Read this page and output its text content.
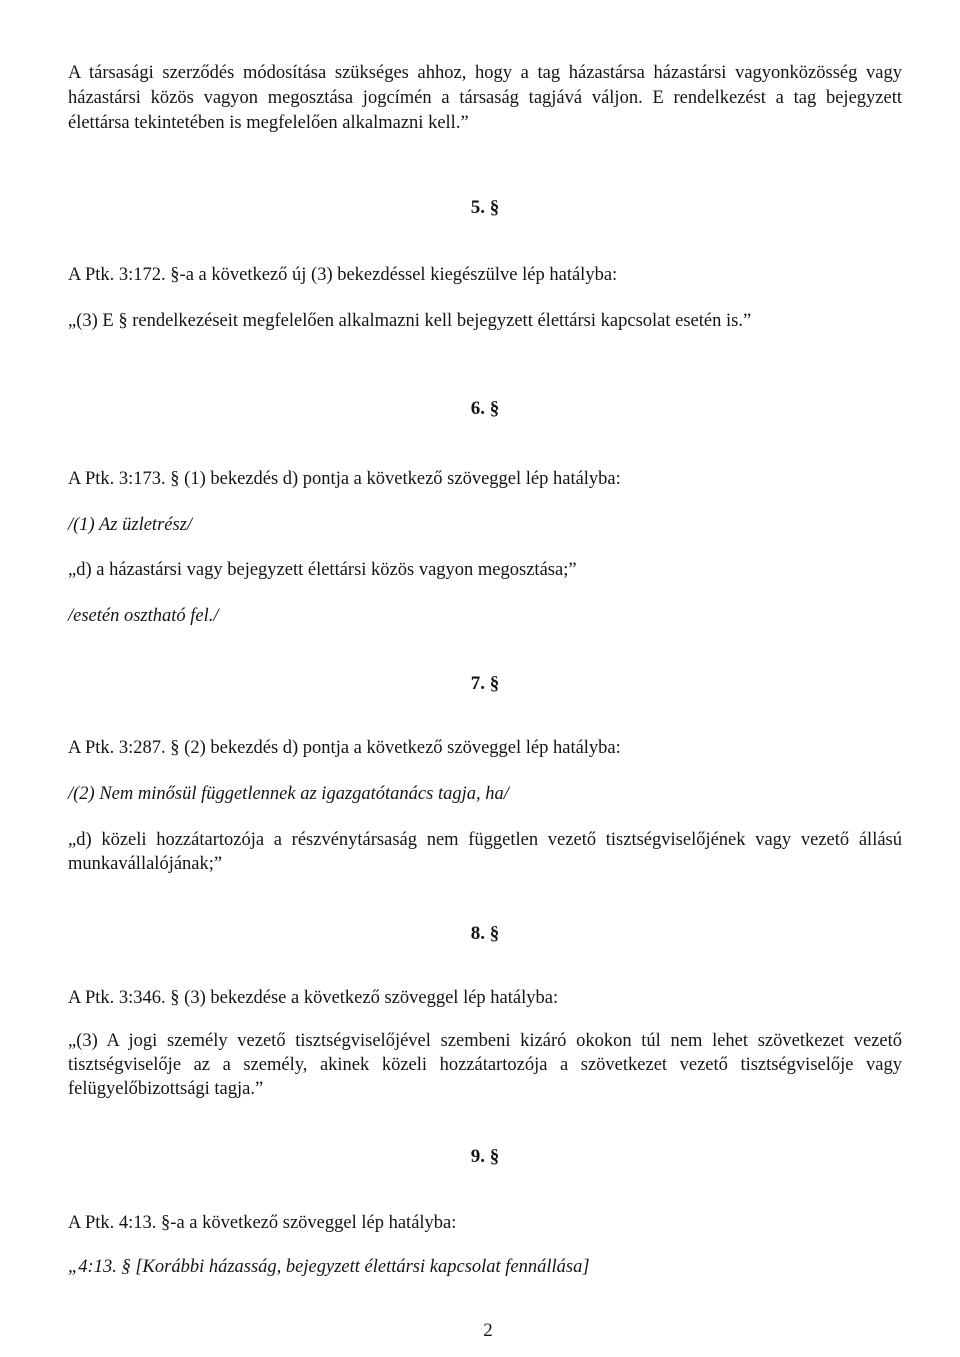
A társasági szerződés módosítása szükséges ahhoz, hogy a tag házastársa házastársi vagyonközösség vagy

házastársi közös vagyon megosztása jogcímén a társaság tagjává váljon. E rendelkezést a tag bejegyzett

élettársa tekintetében is megfelelően alkalmazni kell.”

5. §

A Ptk. 3:172. §-a a következő új (3) bekezdéssel kiegészülve lép hatályba:

„(3) E § rendelkezéseit megfelelően alkalmazni kell bejegyzett élettársi kapcsolat esetén is.”

6. §

A Ptk. 3:173. § (1) bekezdés d) pontja a következő szöveggel lép hatályba:

/(1) Az üzletrész/

„d) a házastársi vagy bejegyzett élettársi közös vagyon megosztása;”

/esetén osztható fel./

7. §

A Ptk. 3:287. § (2) bekezdés d) pontja a következő szöveggel lép hatályba:

/(2) Nem minősül függetlennek az igazgatótanács tagja, ha/

„d) közeli hozzátartozója a részvénytársaság nem független vezető tisztségviselőjének vagy vezető állású

munkavállalójának;”

8. §

A Ptk. 3:346. § (3) bekezdése a következő szöveggel lép hatályba:

„(3) A jogi személy vezető tisztségviselőjével szembeni kizáró okokon túl nem lehet szövetkezet vezető

tisztségviselője az a személy, akinek közeli hozzátartozója a szövetkezet vezető tisztségviselője vagy

felügyelőbizottsági tagja.”

9. §

A Ptk. 4:13. §-a a következő szöveggel lép hatályba:

„4:13. § [Korábbi házasság, bejegyzett élettársi kapcsolat fennállása]

2
